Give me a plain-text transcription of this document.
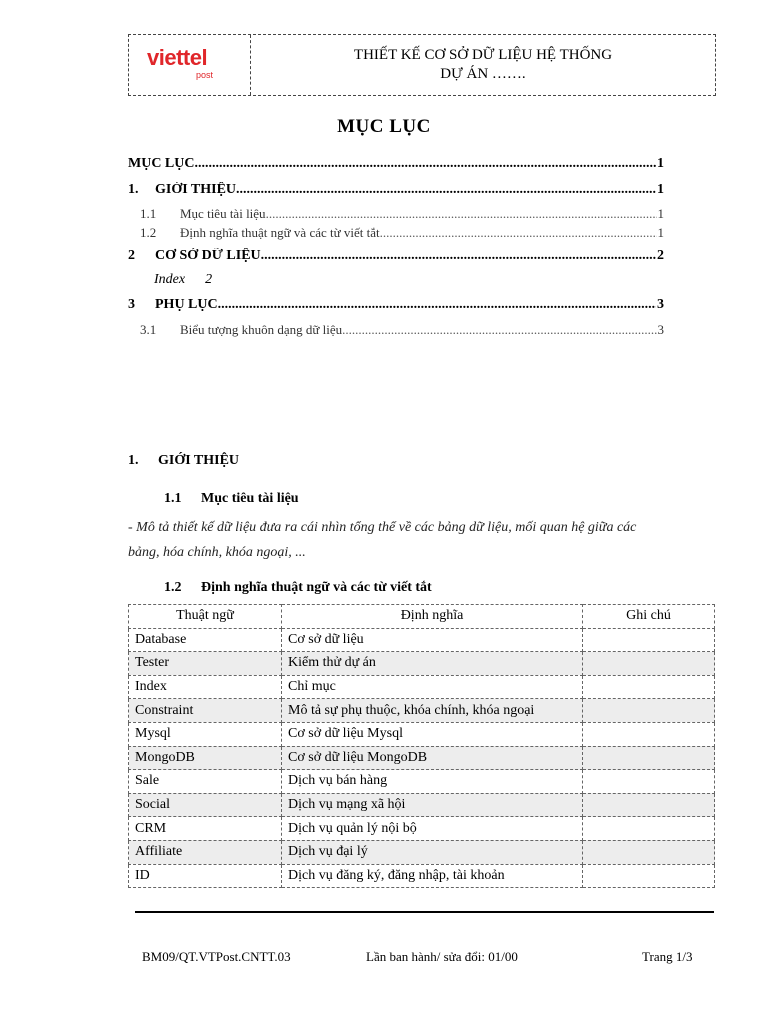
viettel
post
THIẾT KẾ CƠ SỞ DỮ LIỆU HỆ THỐNG
DỰ ÁN …….
MỤC LỤC
MỤC LỤC .....	1
1.	GIỚI THIỆU .....	1
1.1	Mục tiêu tài liệu .....	1
1.2	Định nghĩa thuật ngữ và các từ viết tắt .....	1
2	CƠ SỞ DỮ LIỆU .....	2
Index 2
3	PHỤ LỤC .....	3
3.1	Biểu tượng khuôn dạng dữ liệu .....	3
1. GIỚI THIỆU
1.1 Mục tiêu tài liệu
- Mô tả thiết kế dữ liệu đưa ra cái nhìn tổng thể về các bảng dữ liệu, mối quan hệ giữa các
bảng, hóa chính, khóa ngoại, ...
1.2 Định nghĩa thuật ngữ và các từ viết tắt
Thuật ngữ	Định nghĩa	Ghi chú
Database	Cơ sở dữ liệu	
Tester	Kiểm thử dự án	
Index	Chỉ mục	
Constraint	Mô tả sự phụ thuộc, khóa chính, khóa ngoại	
Mysql	Cơ sở dữ liệu Mysql	
MongoDB	Cơ sở dữ liệu MongoDB	
Sale	Dịch vụ bán hàng	
Social	Dịch vụ mạng xã hội	
CRM	Dịch vụ quản lý nội bộ	
Affiliate	Dịch vụ đại lý	
ID	Dịch vụ đăng ký, đăng nhập, tài khoản	
BM09/QT.VTPost.CNTT.03	Lần ban hành/ sửa đổi: 01/00	Trang 1/3
